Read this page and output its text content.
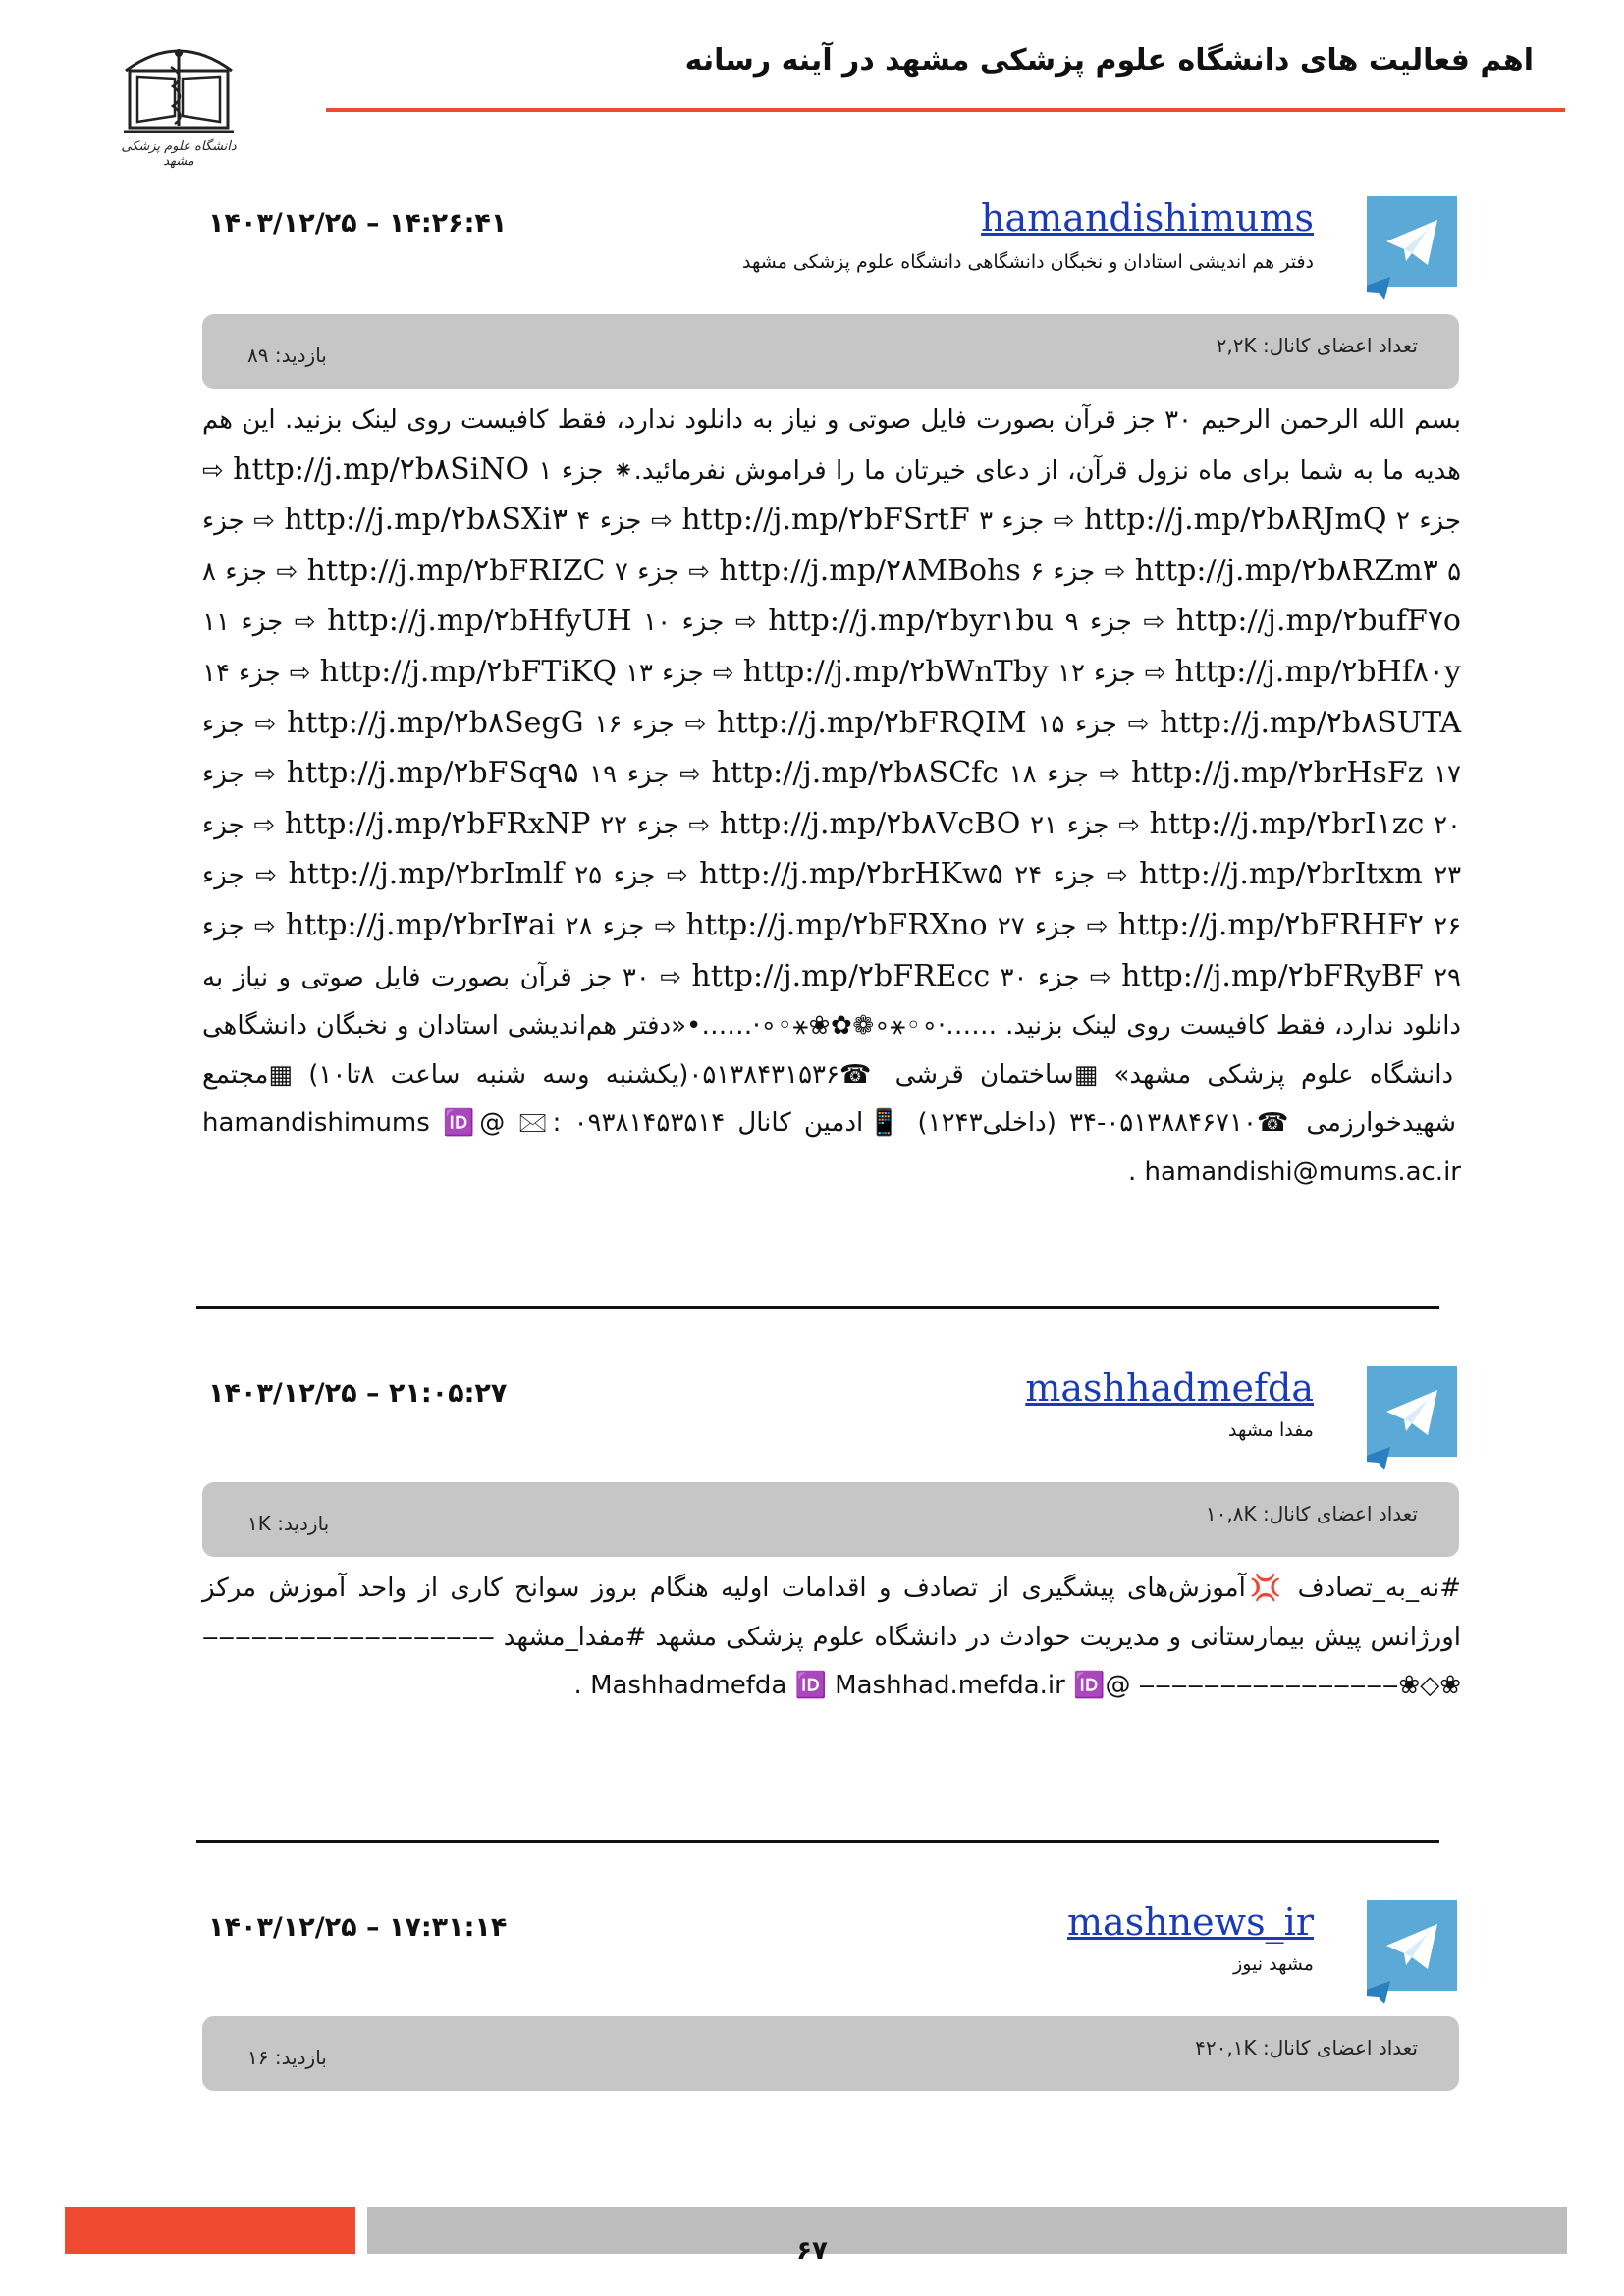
اهم فعالیت های دانشگاه علوم پزشکی مشهد در آینه رسانه
دانشگاه علوم پزشکی مشهد
hamandishimums
دفتر هم اندیشی استادان و نخبگان دانشگاهی دانشگاه علوم پزشکی مشهد
۱۴۰۳/۱۲/۲۵ – ۱۴:۲۶:۴۱
تعداد اعضای کانال: ۲,۲K
بازدید: ۸۹
بسم الله الرحمن الرحیم ۳۰ جز قرآن بصورت فایل صوتی و نیاز به دانلود ندارد، فقط کافیست روی لینک بزنید. این هم هدیه ما به شما برای ماه نزول قرآن، از دعای خیرتان ما را فراموش نفرمائید.⁕ جزء ۱ http://j.mp/۲b۸SiNO ⇨ جزء ۲ http://j.mp/۲b۸RJmQ ⇨ جزء ۳ http://j.mp/۲bFSrtF ⇨ جزء ۴ http://j.mp/۲b۸SXi۳ ⇨ جزء ۵ http://j.mp/۲b۸RZm۳ ⇨ جزء ۶ http://j.mp/۲۸MBohs ⇨ جزء ۷ http://j.mp/۲bFRIZC ⇨ جزء ۸ http://j.mp/۲bufF۷o ⇨ جزء ۹ http://j.mp/۲byr۱bu ⇨ جزء ۱۰ http://j.mp/۲bHfyUH ⇨ جزء ۱۱ http://j.mp/۲bHf۸۰y ⇨ جزء ۱۲ http://j.mp/۲bWnTby ⇨ جزء ۱۳ http://j.mp/۲bFTiKQ ⇨ جزء ۱۴ http://j.mp/۲b۸SUTA ⇨ جزء ۱۵ http://j.mp/۲bFRQIM ⇨ جزء ۱۶ http://j.mp/۲b۸SegG ⇨ جزء ۱۷ http://j.mp/۲brHsFz ⇨ جزء ۱۸ http://j.mp/۲b۸SCfc ⇨ جزء ۱۹ http://j.mp/۲bFSq۹۵ ⇨ جزء ۲۰ http://j.mp/۲brI۱zc ⇨ جزء ۲۱ http://j.mp/۲b۸VcBO ⇨ جزء ۲۲ http://j.mp/۲bFRxNP ⇨ جزء ۲۳ http://j.mp/۲brItxm ⇨ جزء ۲۴ http://j.mp/۲brHKw۵ ⇨ جزء ۲۵ http://j.mp/۲brImlf ⇨ جزء ۲۶ http://j.mp/۲bFRHF۲ ⇨ جزء ۲۷ http://j.mp/۲bFRXno ⇨ جزء ۲۸ http://j.mp/۲brI۳ai ⇨ جزء ۲۹ http://j.mp/۲bFRyBF ⇨ جزء ۳۰ http://j.mp/۲bFREcc ⇨ ۳۰ جز قرآن بصورت فایل صوتی و نیاز به دانلود ندارد، فقط کافیست روی لینک بزنید. ‥‥‥⋅∘◦⚹∘❁✿❀⚹◦∘⋅‥‥‥•«دفتر هم‌اندیشی استادان و نخبگان دانشگاهی دانشگاه علوم پزشکی مشهد» ▦ساختمان قرشی ☎۰۵۱۳۸۴۳۱۵۳۶(یکشنبه وسه شنبه ساعت ۸تا۱۰) ▦مجتمع شهیدخوارزمی ☎۰۵۱۳۸۸۴۶۷۱۰-۳۴ (داخلی۱۲۴۳) 📱ادمین کانال ۰۹۳۸۱۴۵۳۵۱۴ :🖂 @hamandishimums 🆔 hamandishi@mums.ac.ir .
mashhadmefda
مفدا مشهد
۱۴۰۳/۱۲/۲۵ – ۲۱:۰۵:۲۷
تعداد اعضای کانال: ۱۰,۸K
بازدید: ۱K
#نه_به_تصادف 💢آموزش‌های پیشگیری از تصادف و اقدامات اولیه هنگام بروز سوانح کاری از واحد آموزش مرکز اورژانس پیش بیمارستانی و مدیریت حوادث در دانشگاه علوم پزشکی مشهد #مفدا_مشهد ‒‒‒‒‒‒‒‒‒‒‒‒‒‒‒‒‒‒❀◇❀‒‒‒‒‒‒‒‒‒‒‒‒‒‒‒‒ @Mashhadmefda 🆔 Mashhad.mefda.ir 🆔 .
mashnews_ir
مشهد نیوز
۱۴۰۳/۱۲/۲۵ – ۱۷:۳۱:۱۴
تعداد اعضای کانال: ۴۲۰,۱K
بازدید: ۱۶
۶۷
